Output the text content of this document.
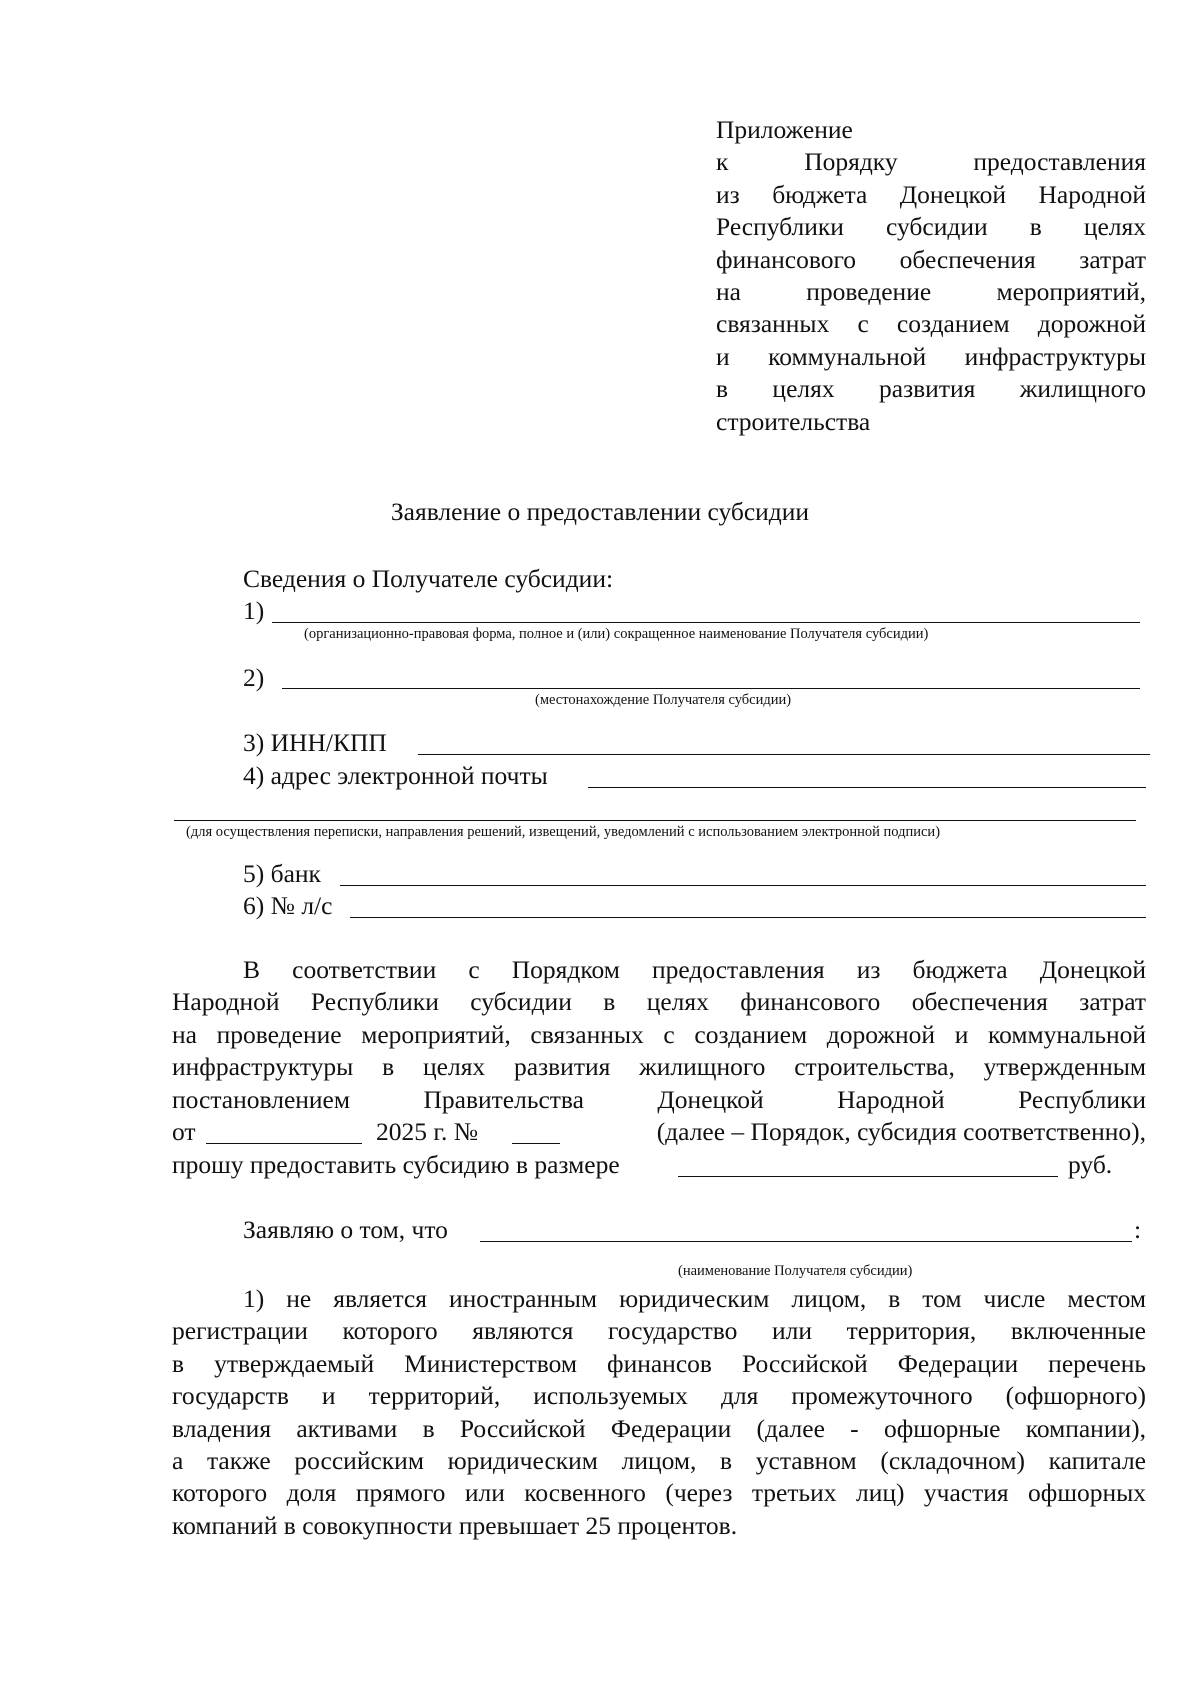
Приложение
к Порядку предоставления
из бюджета Донецкой Народной
Республики субсидии в целях
финансового обеспечения затрат
на проведение мероприятий,
связанных с созданием дорожной
и коммунальной инфраструктуры
в целях развития жилищного
строительства
Заявление о предоставлении субсидии
Сведения о Получателе субсидии:
1)
(организационно-правовая форма, полное и (или) сокращенное наименование Получателя субсидии)
2)
(местонахождение Получателя субсидии)
3) ИНН/КПП
4) адрес электронной почты
(для осуществления переписки, направления решений, извещений, уведомлений с использованием электронной подписи)
5) банк
6) № л/с
В соответствии с Порядком предоставления из бюджета Донецкой
Народной Республики субсидии в целях финансового обеспечения затрат
на проведение мероприятий, связанных с созданием дорожной и коммунальной
инфраструктуры в целях развития жилищного строительства, утвержденным
постановлением Правительства Донецкой Народной Республики
от	2025 г. №	(далее – Порядок, субсидия соответственно),
прошу предоставить субсидию в размере	руб.
Заявляю о том, что	:
(наименование Получателя субсидии)
1) не является иностранным юридическим лицом, в том числе местом
регистрации которого являются государство или территория, включенные
в утверждаемый Министерством финансов Российской Федерации перечень
государств и территорий, используемых для промежуточного (офшорного)
владения активами в Российской Федерации (далее - офшорные компании),
а также российским юридическим лицом, в уставном (складочном) капитале
которого доля прямого или косвенного (через третьих лиц) участия офшорных
компаний в совокупности превышает 25 процентов.
